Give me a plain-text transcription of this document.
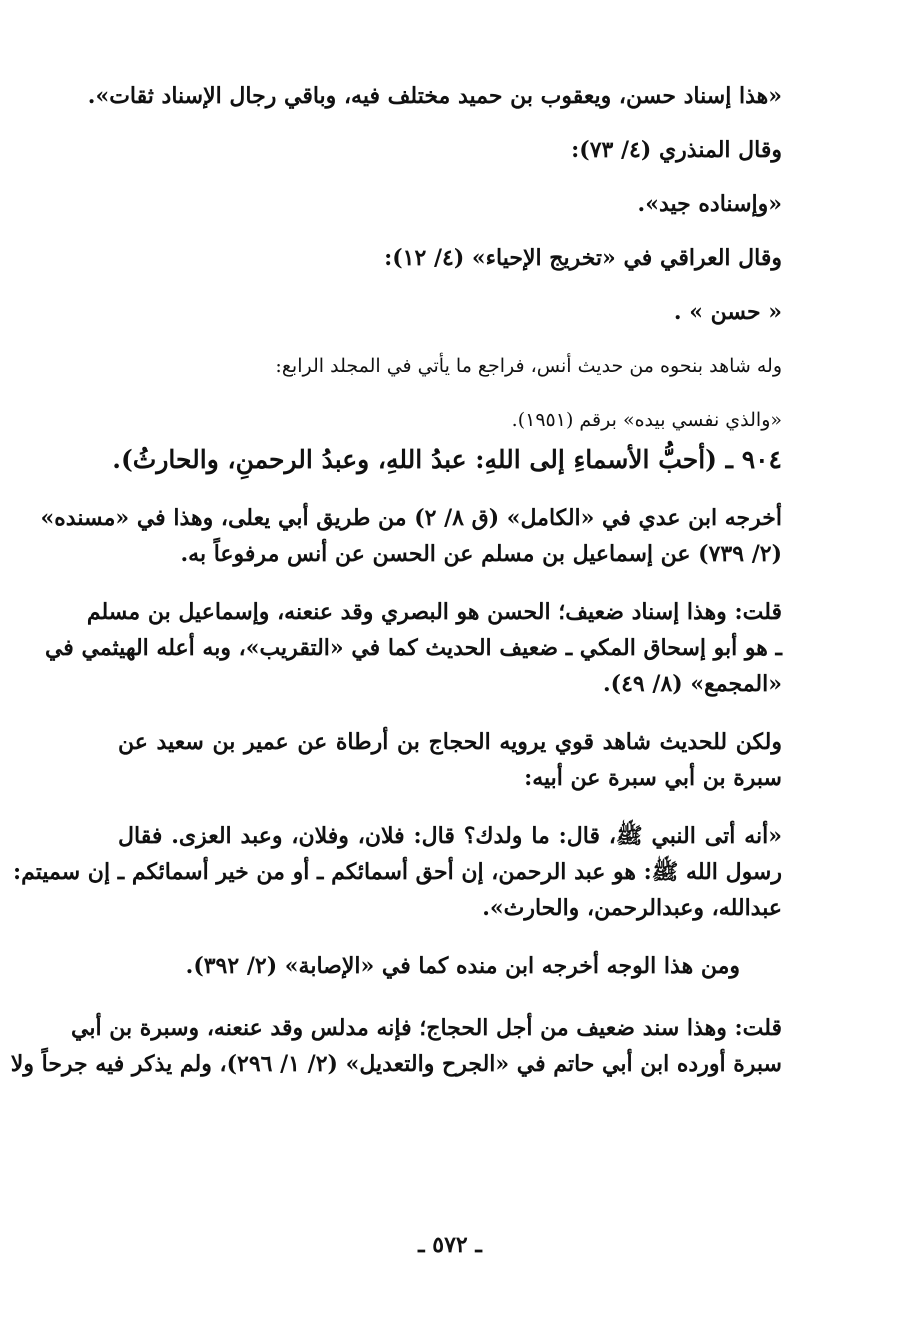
«هذا إسناد حسن، ويعقوب بن حميد مختلف فيه، وباقي رجال الإسناد ثقات».
وقال المنذري (٤/ ٧٣):
«وإسناده جيد».
وقال العراقي في «تخريج الإحياء» (٤/ ١٢):
« حسن » .
وله شاهد بنحوه من حديث أنس، فراجع ما يأتي في المجلد الرابع:
«والذي نفسي بيده» برقم (١٩٥١).
٩٠٤ ـ (أحبُّ الأسماءِ إلى اللهِ: عبدُ اللهِ، وعبدُ الرحمنِ، والحارثُ).
أخرجه ابن عدي في «الكامل» (ق ٨/ ٢) من طريق أبي يعلى، وهذا في «مسنده»
(٢/ ٧٣٩) عن إسماعيل بن مسلم عن الحسن عن أنس مرفوعاً به.
قلت: وهذا إسناد ضعيف؛ الحسن هو البصري وقد عنعنه، وإسماعيل بن مسلم
ـ هو أبو إسحاق المكي ـ ضعيف الحديث كما في «التقريب»، وبه أعله الهيثمي في
«المجمع» (٨/ ٤٩).
ولكن للحديث شاهد قوي يرويه الحجاج بن أرطاة عن عمير بن سعيد عن
سبرة بن أبي سبرة عن أبيه:
«أنه أتى النبي ﷺ، قال: ما ولدك؟ قال: فلان، وفلان، وعبد العزى. فقال
رسول الله ﷺ: هو عبد الرحمن، إن أحق أسمائكم ـ أو من خير أسمائكم ـ إن سميتم:
عبدالله، وعبدالرحمن، والحارث».
ومن هذا الوجه أخرجه ابن منده كما في «الإصابة» (٢/ ٣٩٢).
قلت: وهذا سند ضعيف من أجل الحجاج؛ فإنه مدلس وقد عنعنه، وسبرة بن أبي
سبرة أورده ابن أبي حاتم في «الجرح والتعديل» (٢/ ١/ ٢٩٦)، ولم يذكر فيه جرحاً ولا
ـ ٥٧٢ ـ
